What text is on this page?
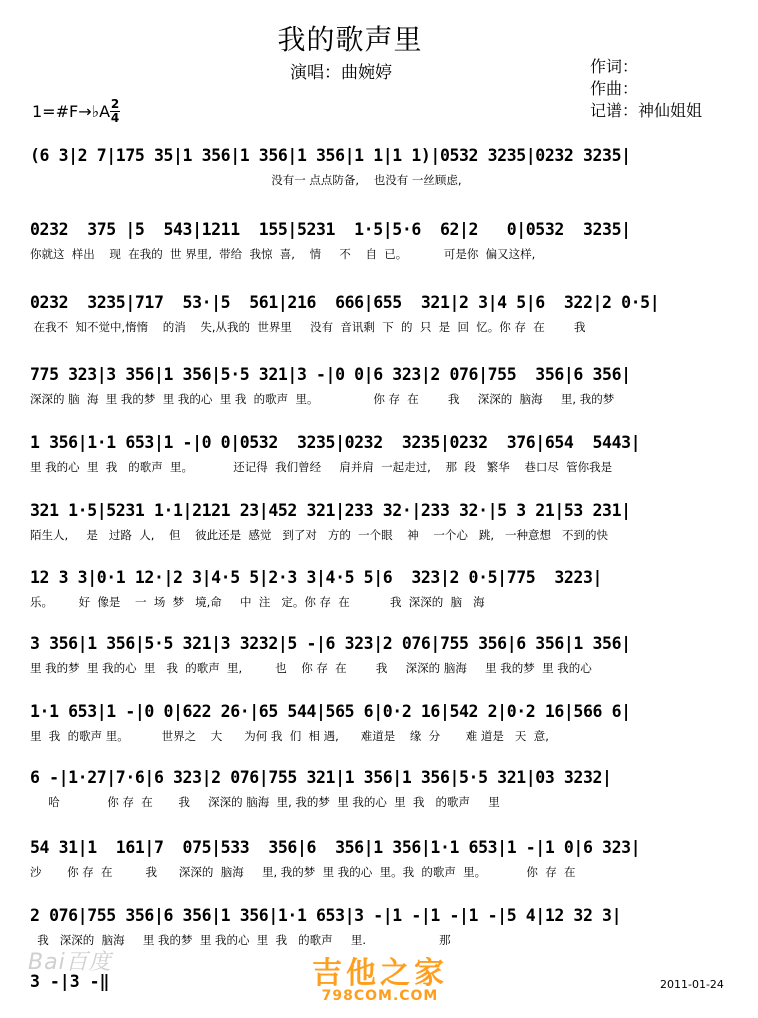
我的歌声里
演唱：曲婉婷	作词：
作曲：
记谱：神仙姐姐
1=#F→♭A 2
4
(6 3|2 7|175 35|1 356|1 356|1 356|1 1|1 1)|0532 3235|0232 3235|
没有一 点点防备,    也没有 一丝顾虑,
0232  375 |5  543|1211  155|5231  1·5|5·6  62|2   0|0532  3235|
你就这  样出    现  在我的  世 界里,  带给  我惊  喜,    情     不    自  已。          可是你  偏又这样,
0232  3235|717  53·|5  561|216  666|655  321|2 3|4 5|6  322|2 0·5|
在我不  知不觉中,惰惰    的消    失,从我的  世界里     没有  音讯剩  下  的  只  是  回  忆。你 存  在        我
775 323|3 356|1 356|5·5 321|3 -|0 0|6 323|2 076|755  356|6 356|
深深的 脑  海  里 我的梦  里 我的心  里 我  的歌声  里。               你 存  在        我     深深的  脑海     里, 我的梦
1 356|1·1 653|1 -|0 0|0532  3235|0232  3235|0232  376|654  5443|
里 我的心  里  我   的歌声  里。           还记得  我们曾经     肩并肩  一起走过,    那  段   繁华    巷口尽  管你我是
321 1·5|5231 1·1|2121 23|452 321|233 32·|233 32·|5 3 21|53 231|
陌生人,     是   过路  人,    但    彼此还是  感觉   到了对   方的  一个眼    神    一个心   跳,   一种意想   不到的快
12 3 3|0·1 12·|2 3|4·5 5|2·3 3|4·5 5|6  323|2 0·5|775  3223|
乐。       好  像是    一  场  梦   境,命     中  注   定。你 存  在           我  深深的  脑   海
3 356|1 356|5·5 321|3 3232|5 -|6 323|2 076|755 356|6 356|1 356|
里 我的梦  里 我的心  里   我  的歌声  里,         也    你 存  在        我     深深的 脑海     里 我的梦  里 我的心
1·1 653|1 -|0 0|622 26·|65 544|565 6|0·2 16|542 2|0·2 16|566 6|
里  我  的歌声 里。         世界之    大      为何 我  们  相 遇,      难道是    缘  分       难 道是   天  意,
6 -|1·27|7·6|6 323|2 076|755 321|1 356|1 356|5·5 321|03 3232|
哈             你 存  在       我     深深的 脑海  里, 我的梦  里 我的心  里  我   的歌声     里
54 31|1  161|7  075|533  356|6  356|1 356|1·1 653|1 -|1 0|6 323|
沙       你 存  在         我      深深的  脑海     里, 我的梦  里 我的心  里。我  的歌声  里。           你  存  在
2 076|755 356|6 356|1 356|1·1 653|3 -|1 -|1 -|1 -|5 4|12 32 3|
我   深深的  脑海     里 我的梦  里 我的心  里  我   的歌声     里.                    那
Bai百度	吉他之家
798COM.COM
3 -|3 -‖	2011-01-24
